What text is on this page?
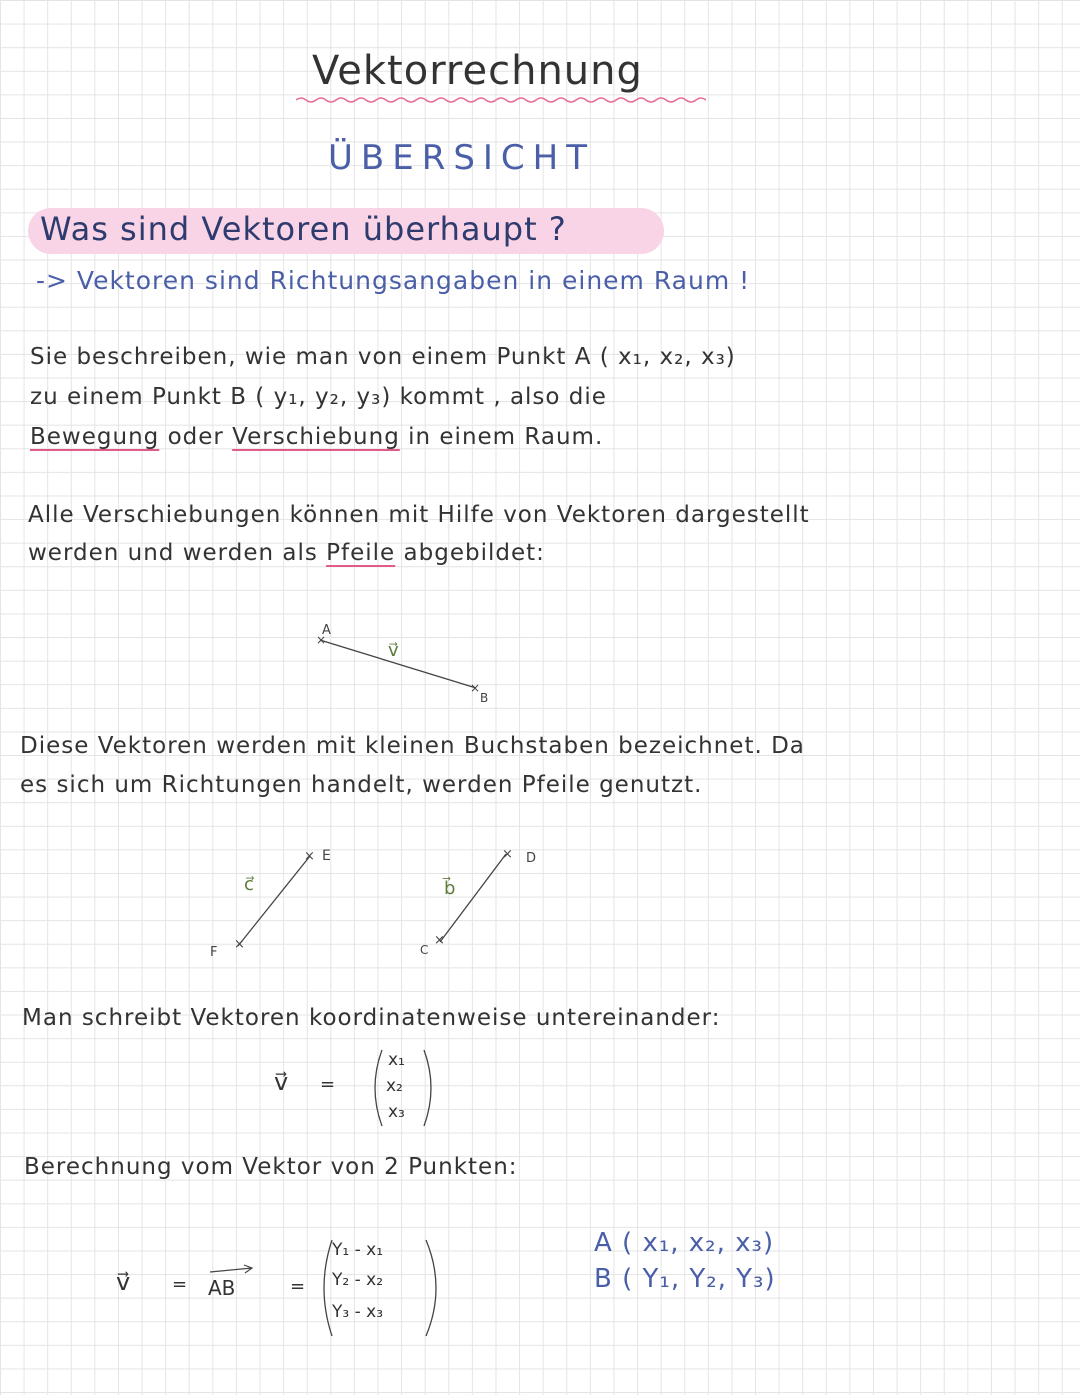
Vektorrechnung
ÜBERSICHT
Was sind Vektoren überhaupt ?
-> Vektoren sind Richtungsangaben in einem Raum !
Sie beschreiben, wie man von einem Punkt A ( x₁, x₂, x₃)
zu einem Punkt B ( y₁, y₂, y₃) kommt , also die
Bewegung oder Verschiebung in einem Raum.
Alle Verschiebungen können mit Hilfe von Vektoren dargestellt
werden und werden als Pfeile abgebildet:
A
×
×
B
v⃗
Diese Vektoren werden mit kleinen Buchstaben bezeichnet. Da
es sich um Richtungen handelt, werden Pfeile genutzt.
F
×
× E
c⃗
C
×
× D
b⃗
Man schreibt Vektoren koordinatenweise untereinander:
v⃗ =
x₁
x₂
x₃
Berechnung vom Vektor von 2 Punkten:
v⃗ = AB	=
Y₁ - x₁
Y₂ - x₂
Y₃ - x₃
A ( x₁, x₂, x₃)
B ( Y₁, Y₂, Y₃)
